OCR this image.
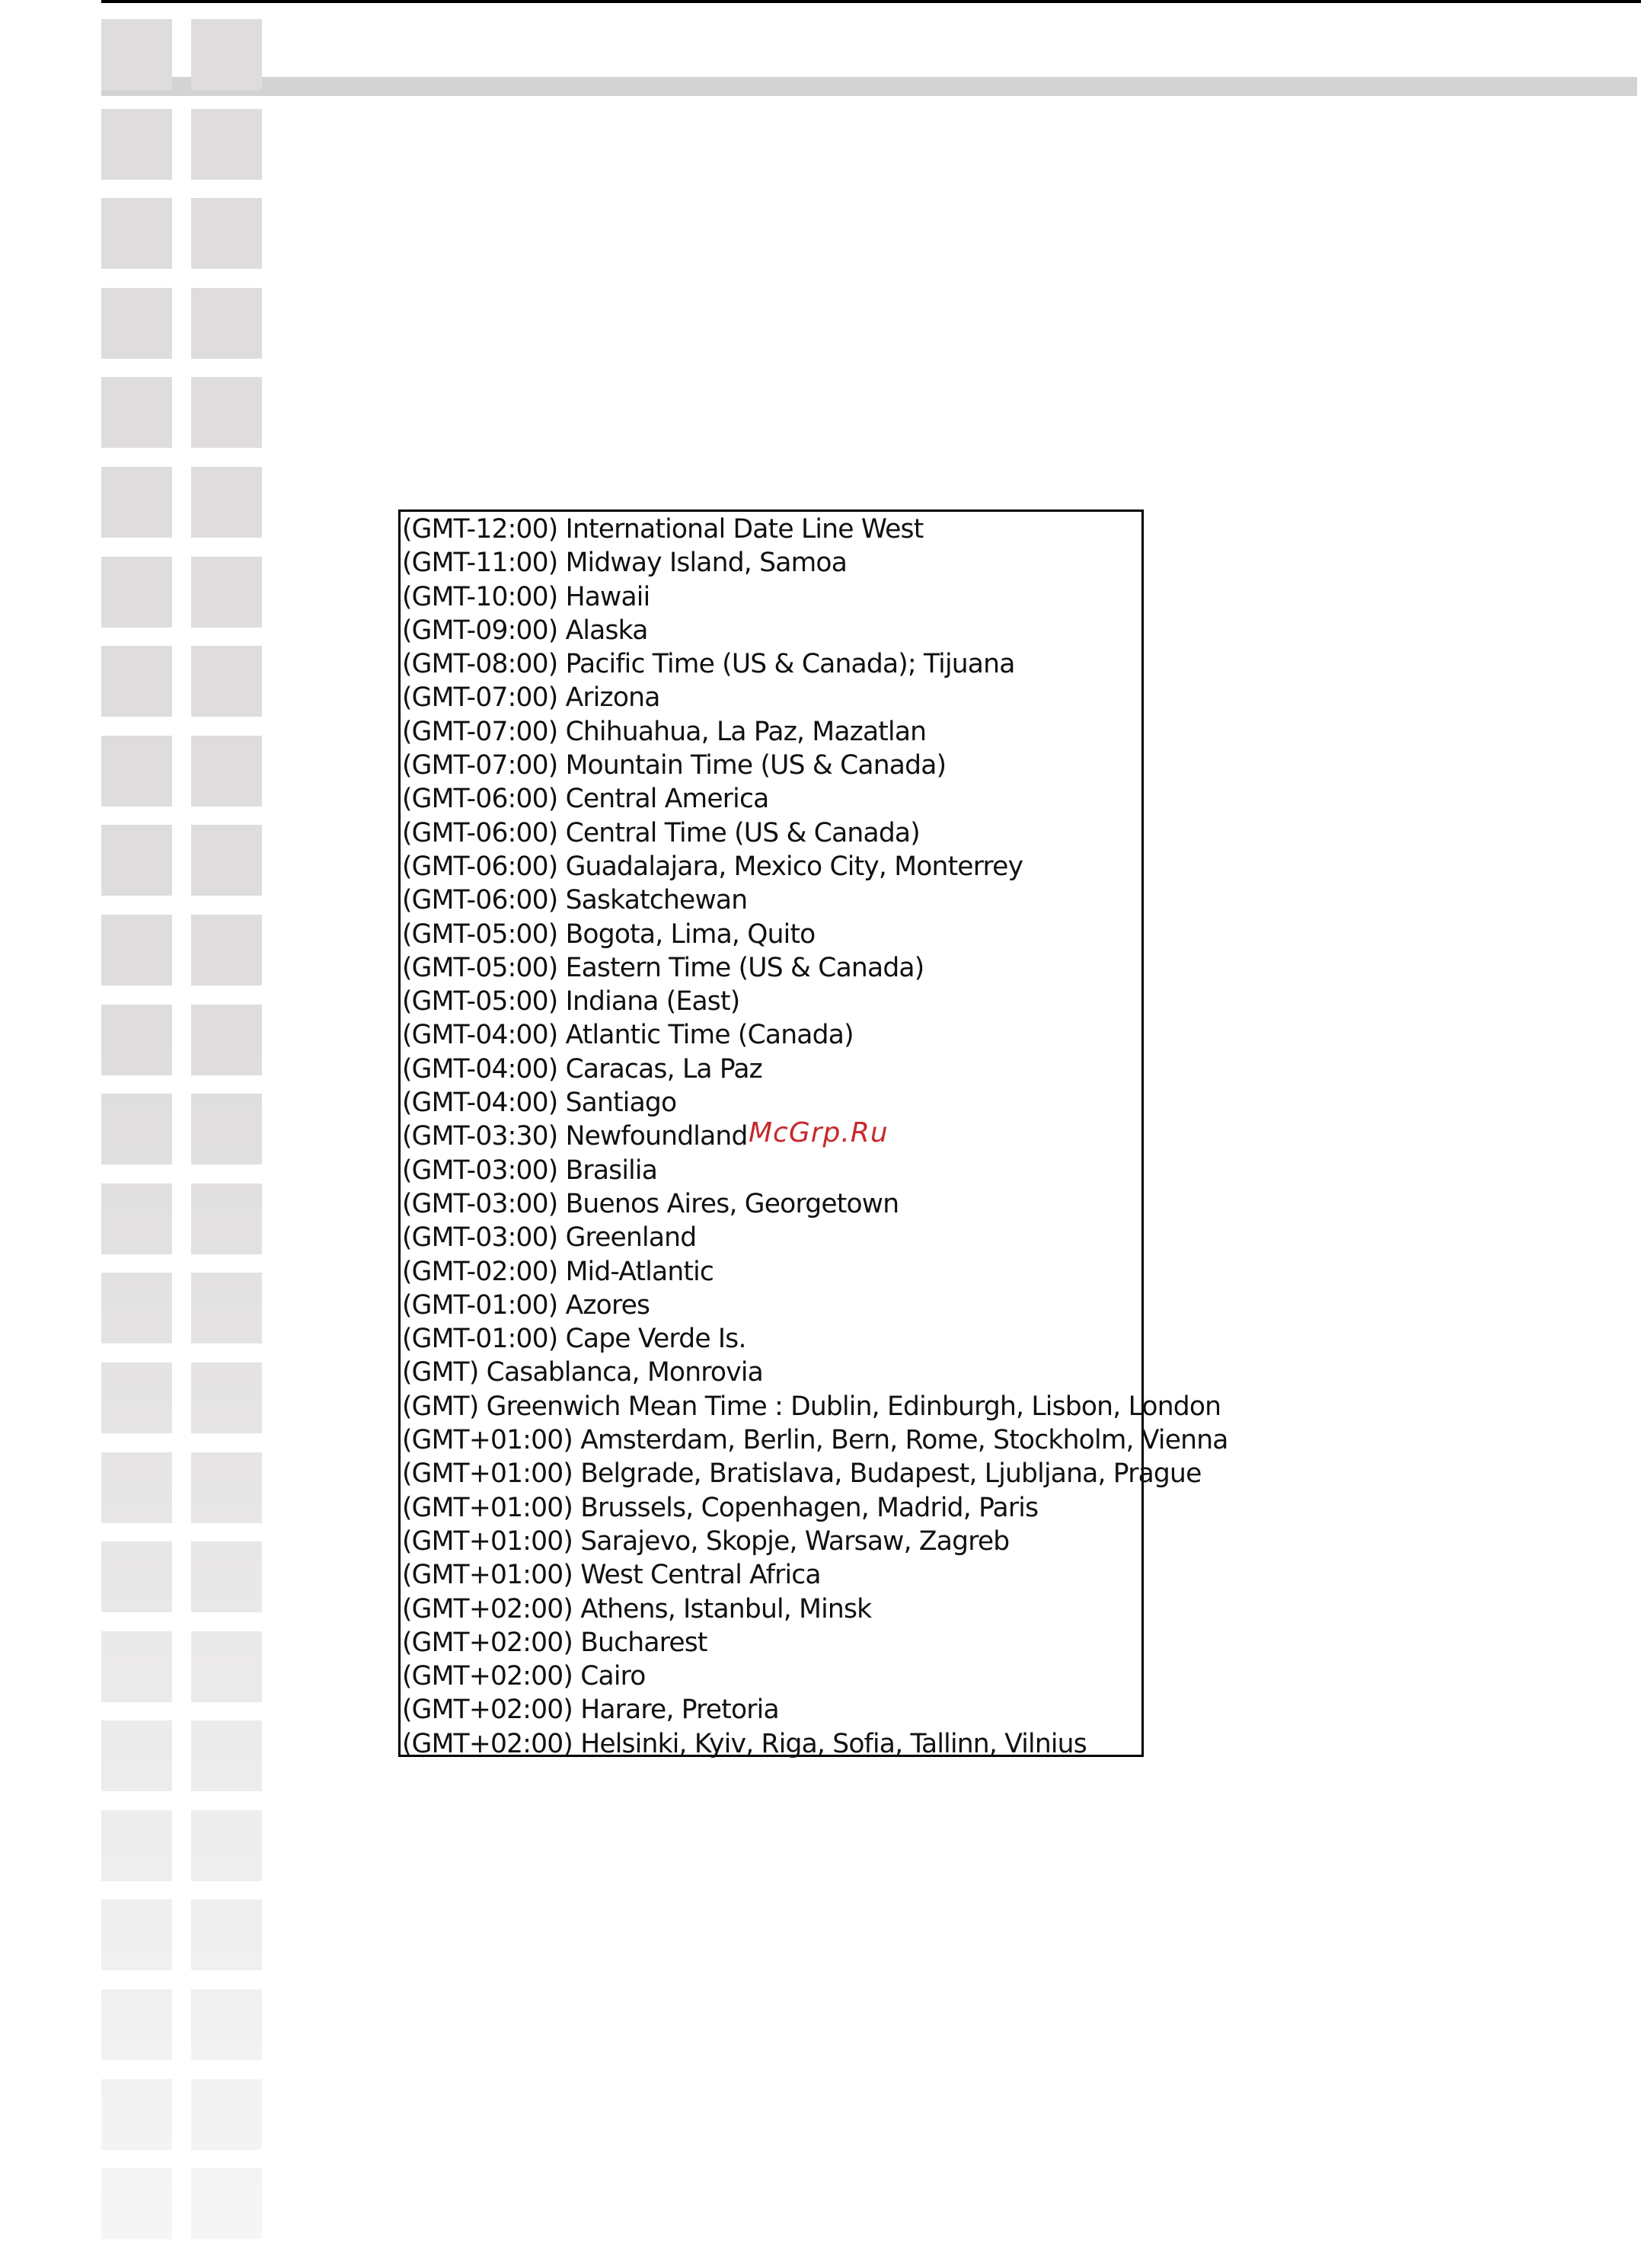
(GMT-12:00) International Date Line West
(GMT-11:00) Midway Island, Samoa
(GMT-10:00) Hawaii
(GMT-09:00) Alaska
(GMT-08:00) Pacific Time (US & Canada); Tijuana
(GMT-07:00) Arizona
(GMT-07:00) Chihuahua, La Paz, Mazatlan
(GMT-07:00) Mountain Time (US & Canada)
(GMT-06:00) Central America
(GMT-06:00) Central Time (US & Canada)
(GMT-06:00) Guadalajara, Mexico City, Monterrey
(GMT-06:00) Saskatchewan
(GMT-05:00) Bogota, Lima, Quito
(GMT-05:00) Eastern Time (US & Canada)
(GMT-05:00) Indiana (East)
(GMT-04:00) Atlantic Time (Canada)
(GMT-04:00) Caracas, La Paz
(GMT-04:00) Santiago
(GMT-03:30) Newfoundland
(GMT-03:00) Brasilia
(GMT-03:00) Buenos Aires, Georgetown
(GMT-03:00) Greenland
(GMT-02:00) Mid-Atlantic
(GMT-01:00) Azores
(GMT-01:00) Cape Verde Is.
(GMT) Casablanca, Monrovia
(GMT) Greenwich Mean Time : Dublin, Edinburgh, Lisbon, London
(GMT+01:00) Amsterdam, Berlin, Bern, Rome, Stockholm, Vienna
(GMT+01:00) Belgrade, Bratislava, Budapest, Ljubljana, Prague
(GMT+01:00) Brussels, Copenhagen, Madrid, Paris
(GMT+01:00) Sarajevo, Skopje, Warsaw, Zagreb
(GMT+01:00) West Central Africa
(GMT+02:00) Athens, Istanbul, Minsk
(GMT+02:00) Bucharest
(GMT+02:00) Cairo
(GMT+02:00) Harare, Pretoria
(GMT+02:00) Helsinki, Kyiv, Riga, Sofia, Tallinn, Vilnius
McGrp.Ru
